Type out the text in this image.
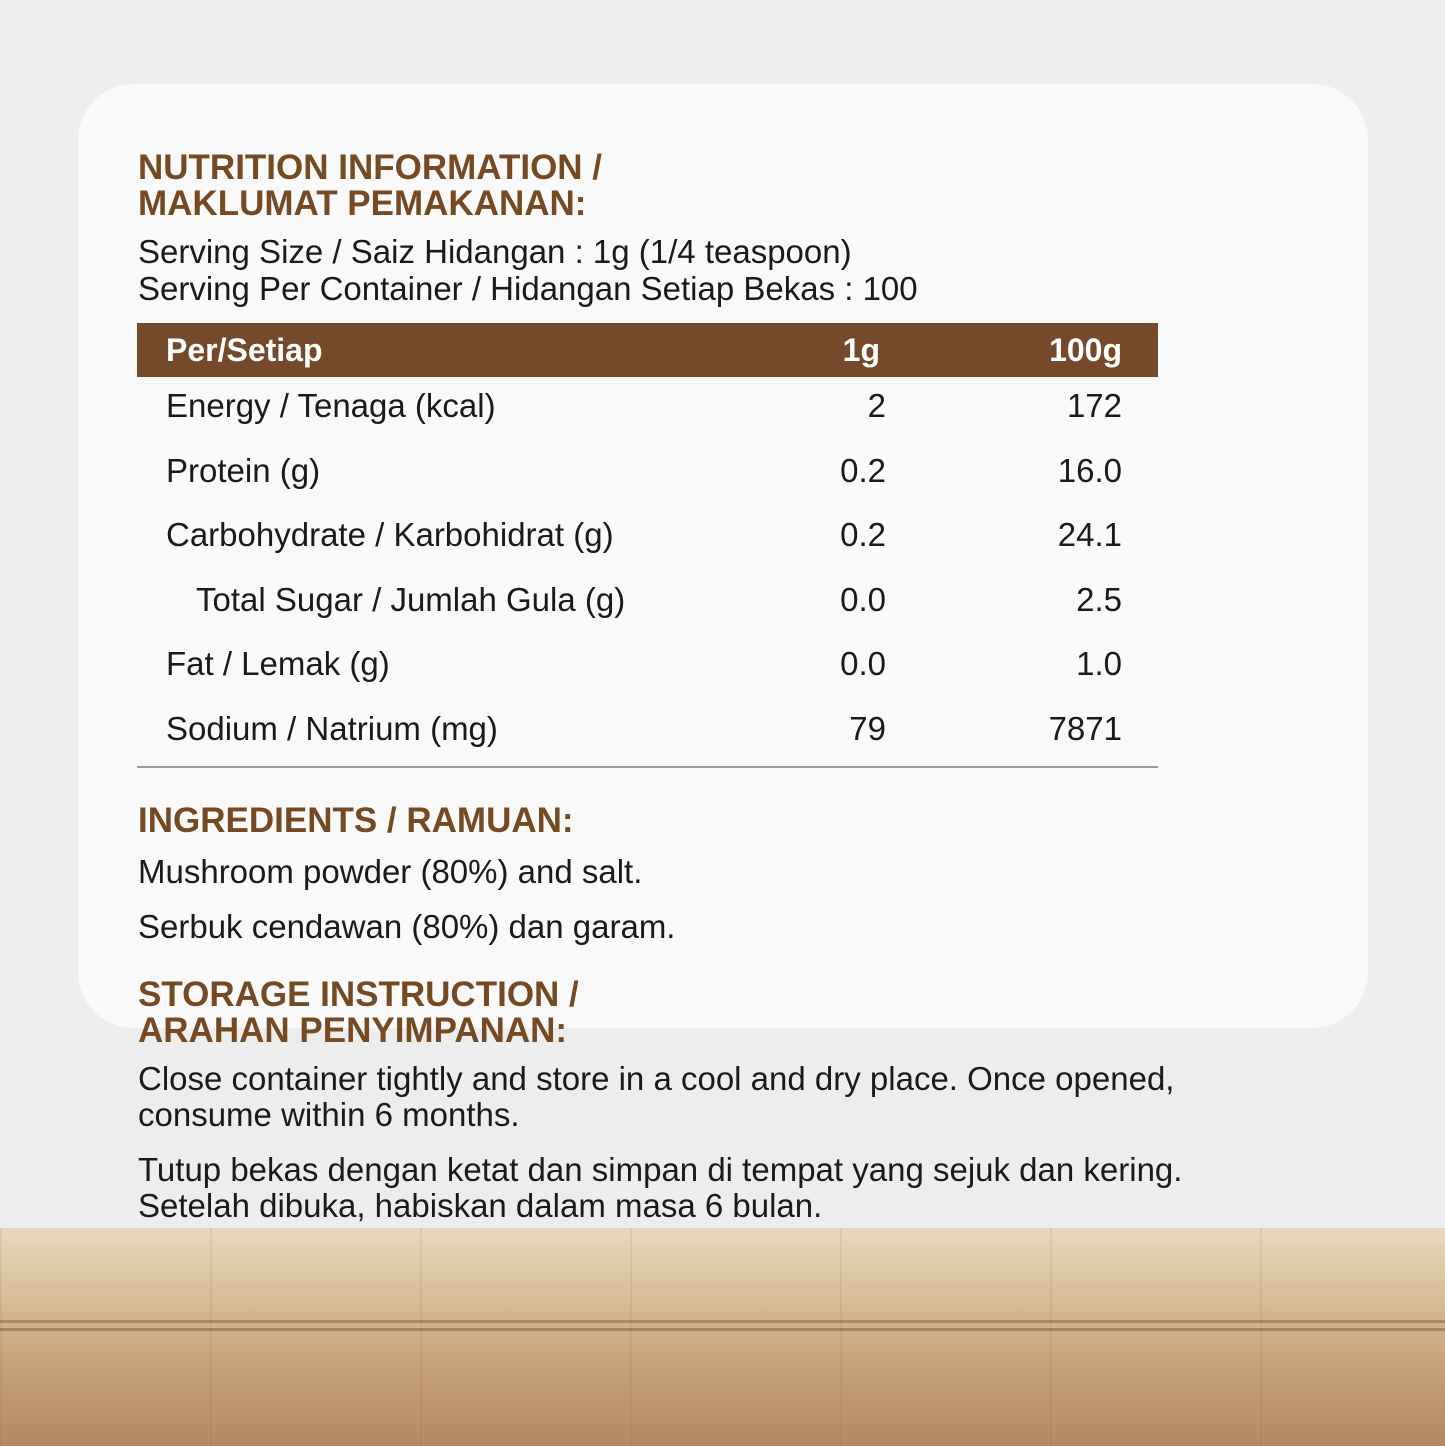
NUTRITION INFORMATION /

MAKLUMAT PEMAKANAN:

Serving Size / Saiz Hidangan : 1g (1/4 teaspoon)

Serving Per Container / Hidangan Setiap Bekas : 100

Per/Setiap	1g	100g
Energy / Tenaga (kcal)	2	172
Protein (g)	0.2	16.0
Carbohydrate / Karbohidrat (g)	0.2	24.1
Total Sugar / Jumlah Gula (g)	0.0	2.5
Fat / Lemak (g)	0.0	1.0
Sodium / Natrium (mg)	79	7871

INGREDIENTS / RAMUAN:

Mushroom powder (80%) and salt.

Serbuk cendawan (80%) dan garam.

STORAGE INSTRUCTION /

ARAHAN PENYIMPANAN:

Close container tightly and store in a cool and dry place. Once opened,

consume within 6 months.

Tutup bekas dengan ketat dan simpan di tempat yang sejuk dan kering.

Setelah dibuka, habiskan dalam masa 6 bulan.
